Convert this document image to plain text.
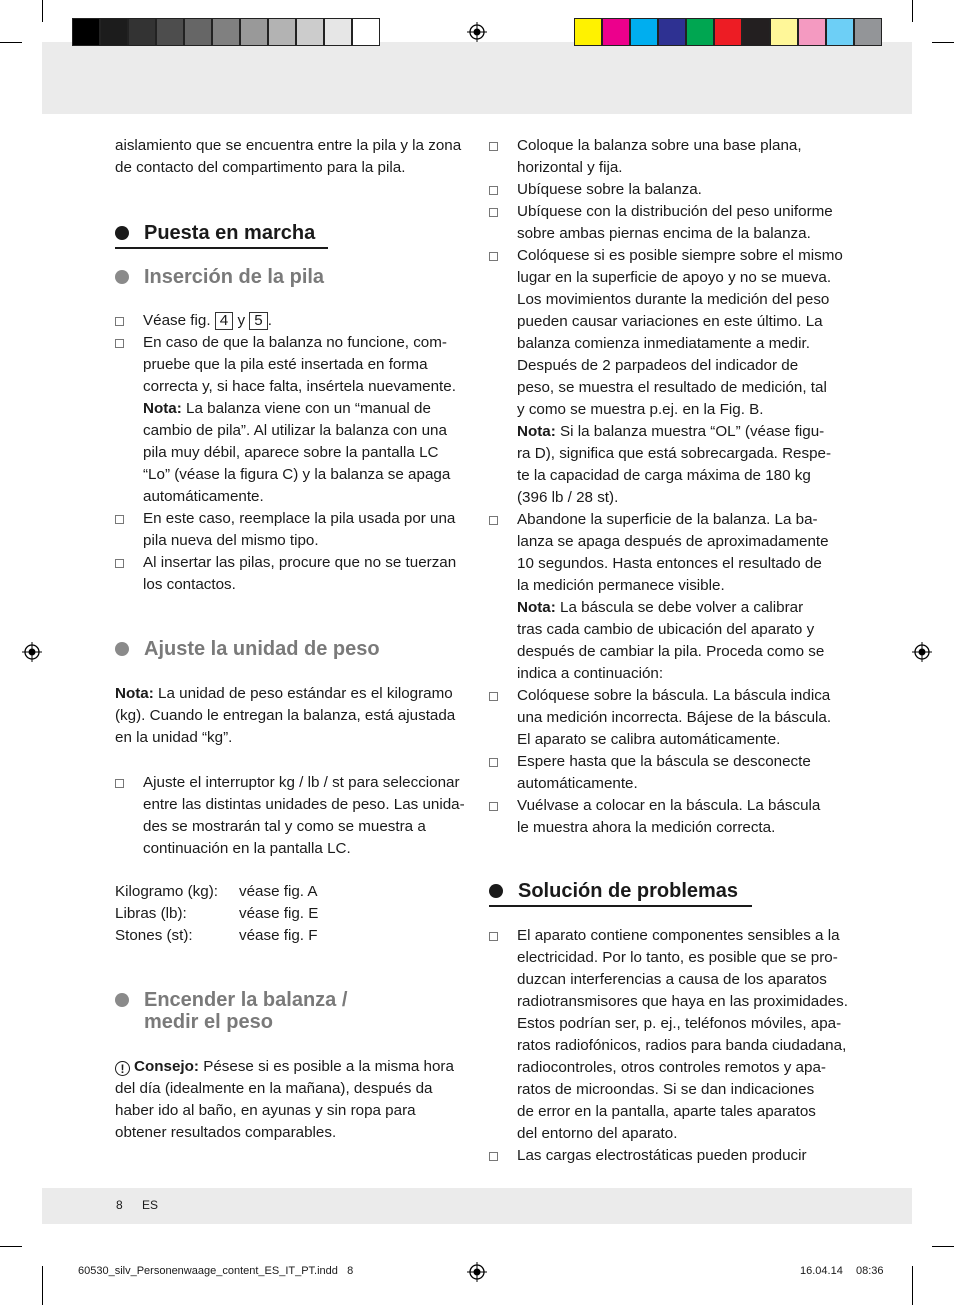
aislamiento que se encuentra entre la pila y la zona
de contacto del compartimento para la pila.
Puesta en marcha
Inserción de la pila
Véase fig. 4 y 5 .
En caso de que la balanza no funcione, com-
pruebe que la pila esté insertada en forma
correcta y, si hace falta, insértela nuevamente.
Nota: La balanza viene con un “manual de
cambio de pila”. Al utilizar la balanza con una
pila muy débil, aparece sobre la pantalla LC
“Lo” (véase la figura C) y la balanza se apaga
automáticamente.
En este caso, reemplace la pila usada por una
pila nueva del mismo tipo.
Al insertar las pilas, procure que no se tuerzan
los contactos.
Ajuste la unidad de peso
Nota: La unidad de peso estándar es el kilogramo
(kg). Cuando le entregan la balanza, está ajustada
en la unidad “kg”.
Ajuste el interruptor kg / lb / st para seleccionar
entre las distintas unidades de peso. Las unida-
des se mostrarán tal y como se muestra a
continuación en la pantalla LC.
Kilogramo (kg): véase fig. A
Libras (lb):	véase fig. E
Stones (st):	véase fig. F
Encender la balanza /
medir el peso
! Consejo: Pésese si es posible a la misma hora
del día (idealmente en la mañana), después da
haber ido al baño, en ayunas y sin ropa para
obtener resultados comparables.
Coloque la balanza sobre una base plana,
horizontal y fija.
Ubíquese sobre la balanza.
Ubíquese con la distribución del peso uniforme
sobre ambas piernas encima de la balanza.
Colóquese si es posible siempre sobre el mismo
lugar en la superficie de apoyo y no se mueva.
Los movimientos durante la medición del peso
pueden causar variaciones en este último. La
balanza comienza inmediatamente a medir.
Después de 2 parpadeos del indicador de
peso, se muestra el resultado de medición, tal
y como se muestra p.ej. en la Fig. B.
Nota: Si la balanza muestra “OL” (véase figu-
ra D), significa que está sobrecargada. Respe-
te la capacidad de carga máxima de 180 kg
(396 lb / 28 st).
Abandone la superficie de la balanza. La ba-
lanza se apaga después de aproximadamente
10 segundos. Hasta entonces el resultado de
la medición permanece visible.
Nota: La báscula se debe volver a calibrar
tras cada cambio de ubicación del aparato y
después de cambiar la pila. Proceda como se
indica a continuación:
Colóquese sobre la báscula. La báscula indica
una medición incorrecta. Bájese de la báscula.
El aparato se calibra automáticamente.
Espere hasta que la báscula se desconecte
automáticamente.
Vuélvase a colocar en la báscula. La báscula
le muestra ahora la medición correcta.
Solución de problemas
El aparato contiene componentes sensibles a la
electricidad. Por lo tanto, es posible que se pro-
duzcan interferencias a causa de los aparatos
radiotransmisores que haya en las proximidades.
Estos podrían ser, p. ej., teléfonos móviles, apa-
ratos radiofónicos, radios para banda ciudadana,
radiocontroles, otros controles remotos y apa-
ratos de microondas. Si se dan indicaciones
de error en la pantalla, aparte tales aparatos
del entorno del aparato.
Las cargas electrostáticas pueden producir
8 ES
60530_silv_Personenwaage_content_ES_IT_PT.indd   8	16.04.14 08:36
